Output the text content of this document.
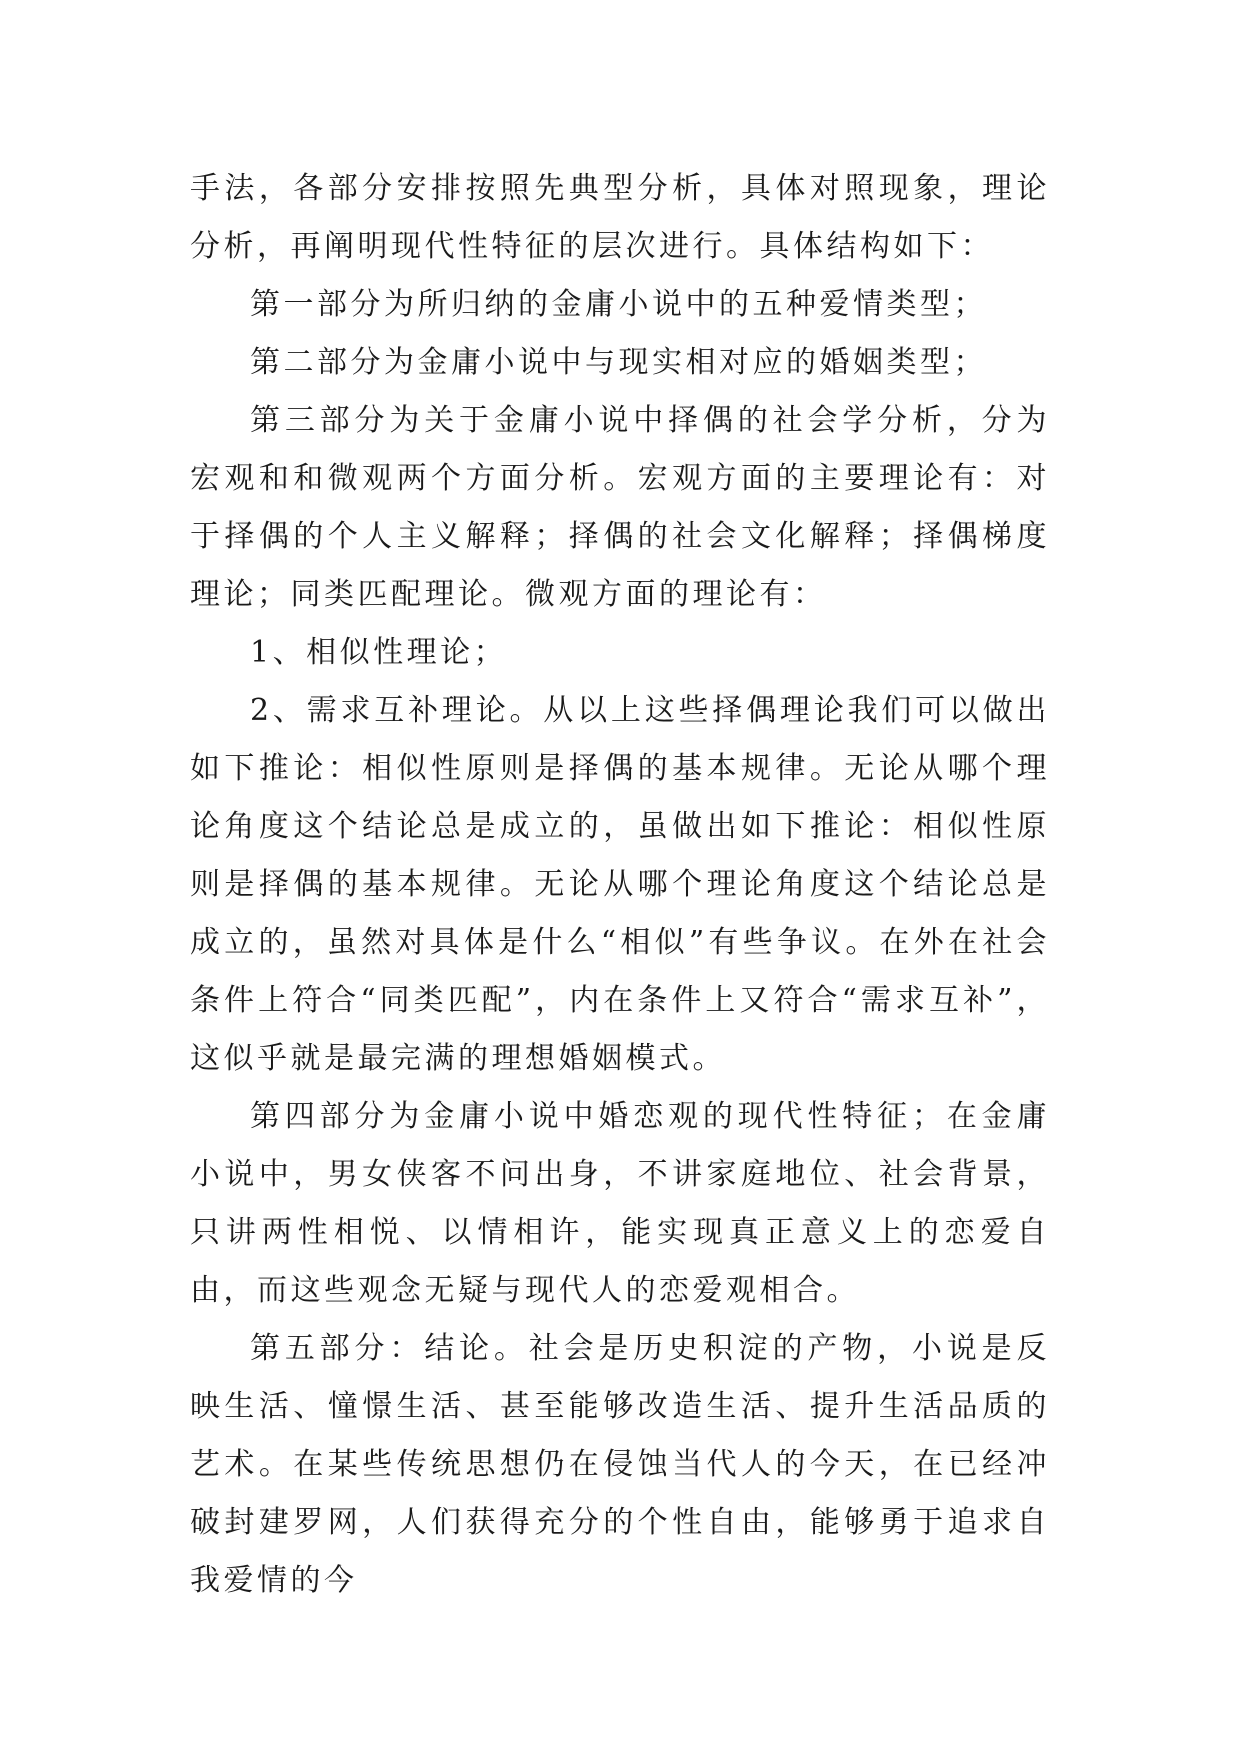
手法，各部分安排按照先典型分析，具体对照现象，理论分析，再阐明现代性特征的层次进行。具体结构如下：

第一部分为所归纳的金庸小说中的五种爱情类型；

第二部分为金庸小说中与现实相对应的婚姻类型；

第三部分为关于金庸小说中择偶的社会学分析，分为宏观和和微观两个方面分析。宏观方面的主要理论有：对于择偶的个人主义解释；择偶的社会文化解释；择偶梯度理论；同类匹配理论。微观方面的理论有：

1、相似性理论；

2、需求互补理论。从以上这些择偶理论我们可以做出如下推论：相似性原则是择偶的基本规律。无论从哪个理论角度这个结论总是成立的，虽做出如下推论：相似性原则是择偶的基本规律。无论从哪个理论角度这个结论总是成立的，虽然对具体是什么“相似”有些争议。在外在社会条件上符合“同类匹配”，内在条件上又符合“需求互补”，这似乎就是最完满的理想婚姻模式。

第四部分为金庸小说中婚恋观的现代性特征；在金庸小说中，男女侠客不问出身，不讲家庭地位、社会背景，只讲两性相悦、以情相许，能实现真正意义上的恋爱自由，而这些观念无疑与现代人的恋爱观相合。

第五部分：结论。社会是历史积淀的产物，小说是反映生活、憧憬生活、甚至能够改造生活、提升生活品质的艺术。在某些传统思想仍在侵蚀当代人的今天，在已经冲破封建罗网，人们获得充分的个性自由，能够勇于追求自我爱情的今
